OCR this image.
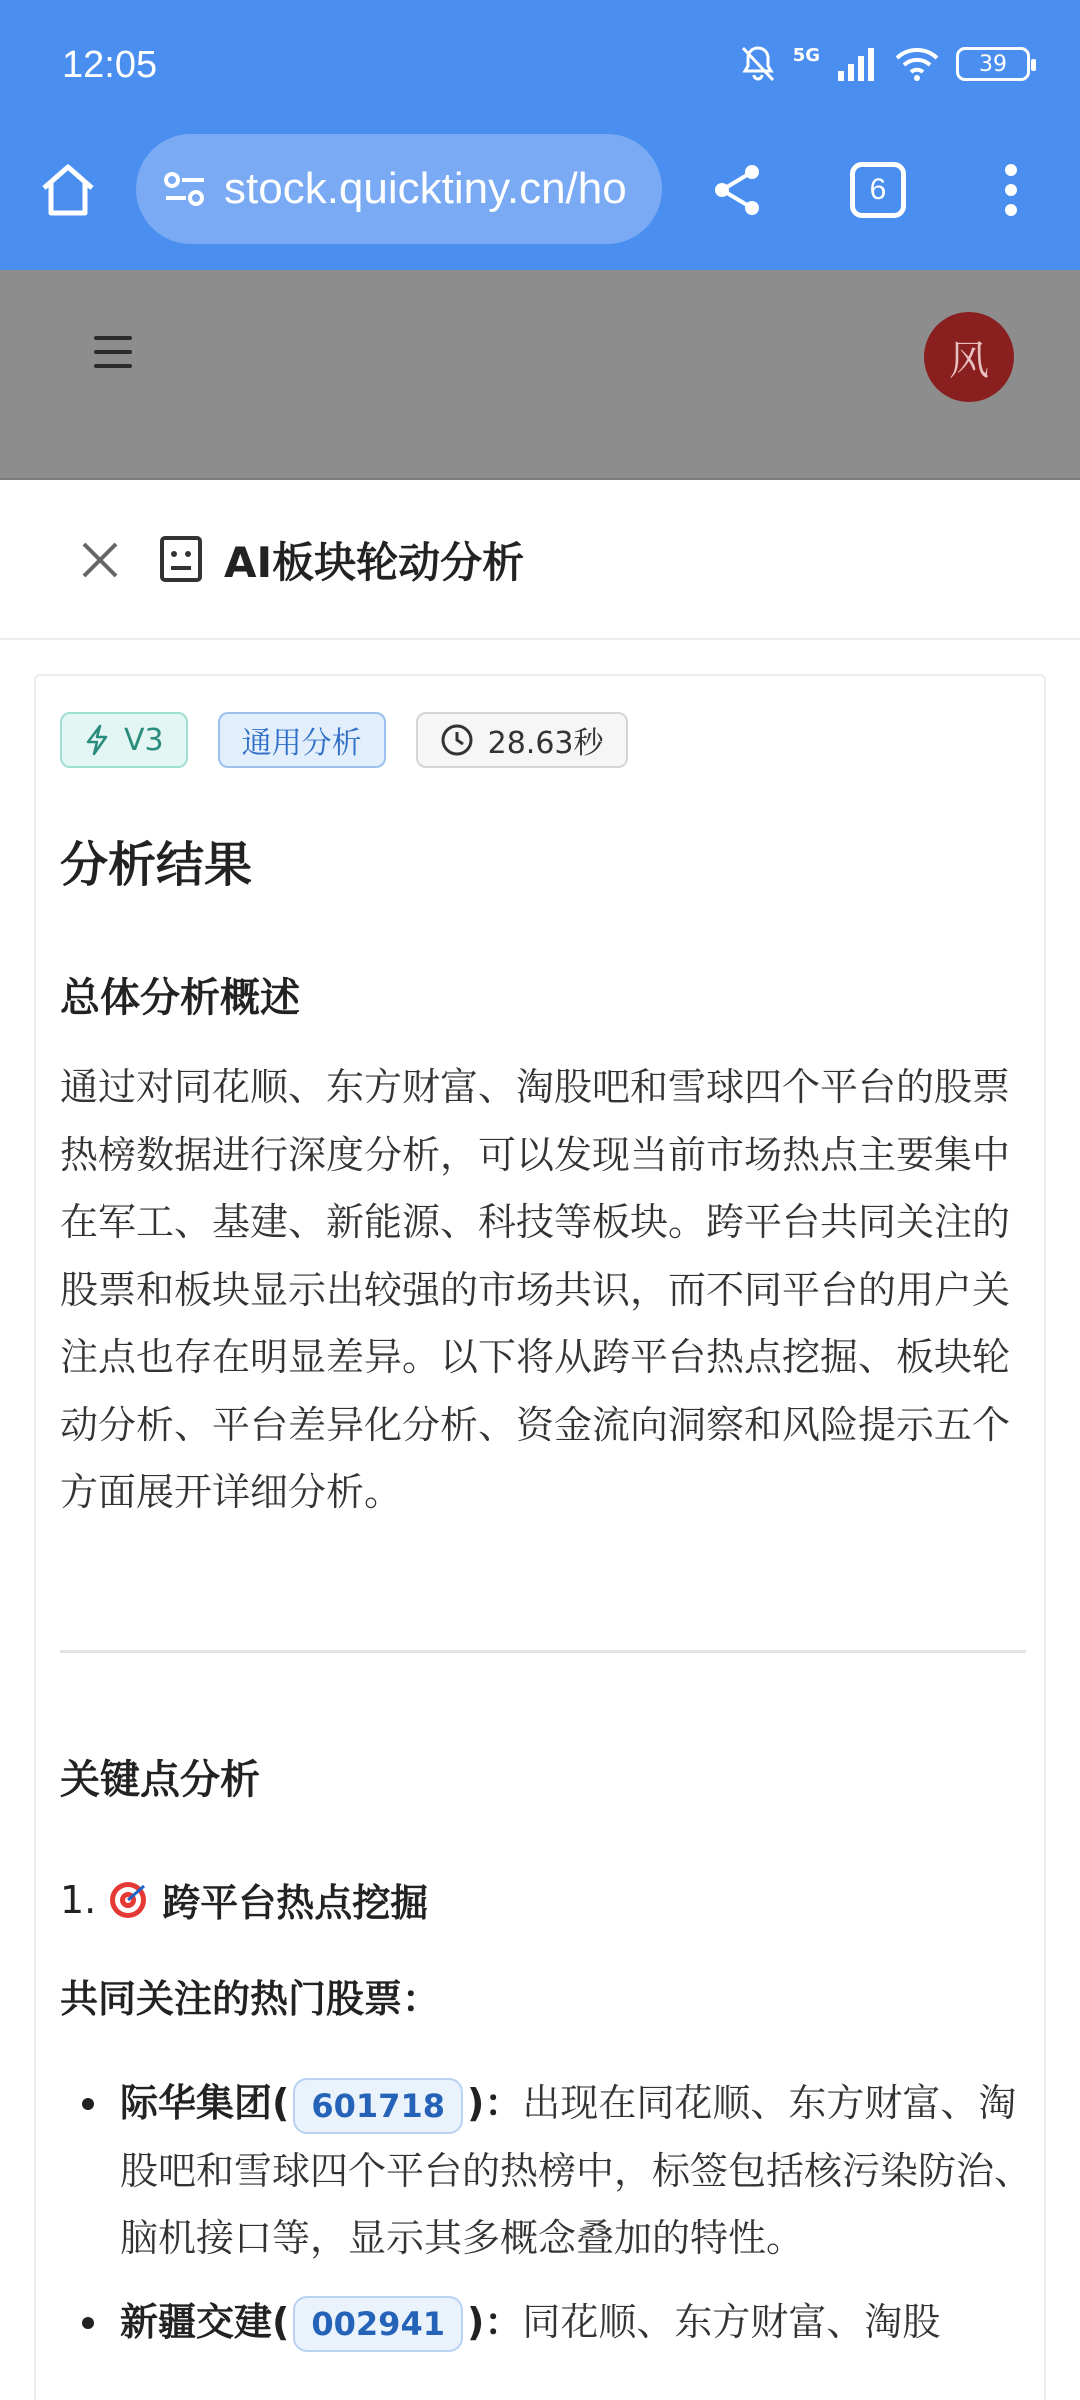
12:05	5G	39
stock.quicktiny.cn/ho	6
风
AI板块轮动分析
V3	通用分析	28.63秒
分析结果
总体分析概述
通过对同花顺、东方财富、淘股吧和雪球四个平台的股票热榜数据进行深度分析，可以发现当前市场热点主要集中在军工、基建、新能源、科技等板块。跨平台共同关注的股票和板块显示出较强的市场共识，而不同平台的用户关注点也存在明显差异。以下将从跨平台热点挖掘、板块轮动分析、平台差异化分析、资金流向洞察和风险提示五个方面展开详细分析。
关键点分析
1. 跨平台热点挖掘
共同关注的热门股票：
际华集团( 601718 )：出现在同花顺、东方财富、淘股吧和雪球四个平台的热榜中，标签包括核污染防治、脑机接口等，显示其多概念叠加的特性。
新疆交建( 002941 )：同花顺、东方财富、淘股
